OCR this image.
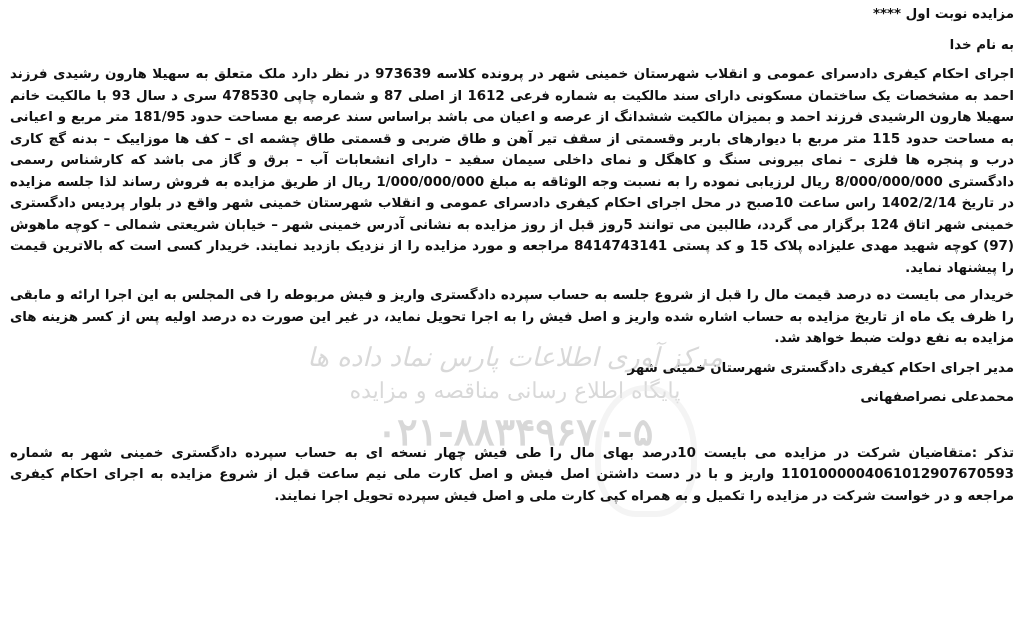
مرکز آوری اطلاعات پارس نماد داده ها
پایگاه اطلاع رسانی مناقصه و مزایده
۰۲۱-۸۸۳۴۹۶۷۰-۵

مزایده نوبت اول ****

به نام خدا

اجرای احکام کیفری دادسرای عمومی و انقلاب شهرستان خمینی شهر در پرونده کلاسه 973639 در نظر دارد ملک متعلق به سهیلا هارون رشیدی فرزند احمد به مشخصات یک ساختمان مسکونی دارای سند مالکیت به شماره فرعی 1612 از اصلی 87 و شماره چاپی 478530 سری د سال 93 با مالکیت خانم سهیلا هارون الرشیدی فرزند احمد و بمیزان مالکیت ششدانگ از عرصه و اعیان می باشد براساس سند عرصه بع مساحت حدود 181/95 متر مربع و اعیانی به مساحت حدود 115 متر مربع با دیوارهای باربر وقسمتی از سقف تیر آهن و طاق ضربی و قسمتی طاق چشمه ای – کف ها موزاییک – بدنه گچ کاری درب و پنجره ها فلزی – نمای بیرونی سنگ و کاهگل و نمای داخلی سیمان سفید – دارای انشعابات آب – برق و گاز می باشد که کارشناس رسمی دادگستری 8/000/000/000 ریال لرزیابی نموده را به نسبت وجه الوثاقه به مبلغ 1/000/000/000 ریال از طریق مزایده به فروش رساند لذا جلسه مزایده در تاریخ 1402/2/14 راس ساعت 10صبح در محل اجرای احکام کیفری دادسرای عمومی و انقلاب شهرستان خمینی شهر واقع در بلوار پردیس دادگستری خمینی شهر اتاق 124 برگزار می گردد، طالبین می توانند 5روز قبل از روز مزایده به نشانی آدرس خمینی شهر – خیابان شریعتی شمالی – کوچه ماهوش (97) کوچه شهید مهدی علیزاده پلاک 15 و کد پستی 8414743141 مراجعه و مورد مزایده را از نزدیک بازدید نمایند. خریدار کسی است که بالاترین قیمت را پیشنهاد نماید.

خریدار می بایست ده درصد قیمت مال را قبل از شروع جلسه به حساب سپرده دادگستری واریز و فیش مربوطه را فی المجلس به این اجرا ارائه و مابقی را ظرف یک ماه از تاریخ مزایده به حساب اشاره شده واریز و اصل فیش را به اجرا تحویل نماید، در غیر این صورت ده درصد اولیه پس از کسر هزینه های مزایده به نفع دولت ضبط خواهد شد.

مدیر اجرای احکام کیفری دادگستری شهرستان خمینی شهر

محمدعلی نصراصفهانی

تذکر :متقاضیان شرکت در مزایده می بایست 10درصد بهای مال را طی فیش چهار نسخه ای به حساب سپرده دادگستری خمینی شهر به شماره 1101000004061012907670593 واریز و با در دست داشتن اصل فیش و اصل کارت ملی نیم ساعت قبل از شروع مزایده به اجرای احکام کیفری مراجعه و در خواست شرکت در مزایده را تکمیل و به همراه کپی کارت ملی و اصل فیش سپرده تحویل اجرا نمایند.
